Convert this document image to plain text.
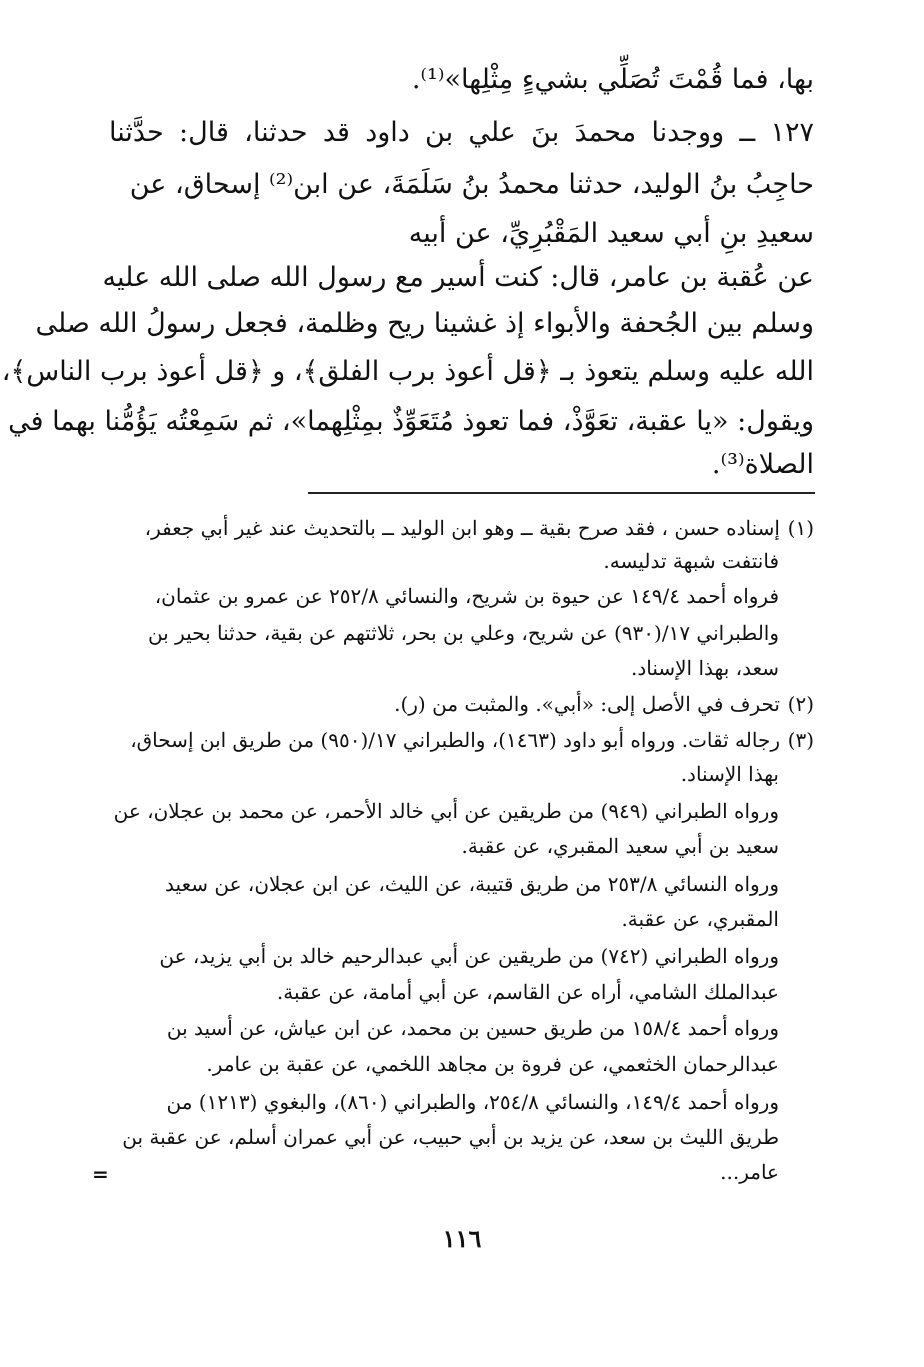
بها، فما قُمْتَ تُصَلِّي بشيءٍ مِثْلِها»⁽¹⁾.
١٢٧ ــ ووجدنا محمدَ بنَ علي بن داود قد حدثنا، قال: حدَّثنا
حاجِبُ بنُ الوليد، حدثنا محمدُ بنُ سَلَمَةَ، عن ابن⁽²⁾ إسحاق، عن
سعيدِ بنِ أبي سعيد المَقْبُرِيِّ، عن أبيه
عن عُقبة بن عامر، قال: كنت أسير مع رسول الله صلى الله عليه
وسلم بين الجُحفة والأبواء إذ غشينا ريح وظلمة، فجعل رسولُ الله صلى
الله عليه وسلم يتعوذ بـ ﴿قل أعوذ برب الفلق﴾، و ﴿قل أعوذ برب الناس﴾،
ويقول: «يا عقبة، تعَوَّذْ، فما تعوذ مُتَعَوِّذٌ بمِثْلِهما»، ثم سَمِعْتُه يَؤُمُّنا بهما في
الصلاة⁽³⁾.
(١)إسناده حسن ، فقد صرح بقية ــ وهو ابن الوليد ــ بالتحديث عند غير أبي جعفر،
فانتفت شبهة تدليسه.
فرواه أحمد ١٤٩/٤ عن حيوة بن شريح، والنسائي ٢٥٢/٨ عن عمرو بن عثمان،
والطبراني ١٧/(٩٣٠) عن شريح، وعلي بن بحر، ثلاثتهم عن بقية، حدثنا بحير بن
سعد، بهذا الإسناد.
(٢)تحرف في الأصل إلى: «أبي». والمثبت من (ر).
(٣)رجاله ثقات. ورواه أبو داود (١٤٦٣)، والطبراني ١٧/(٩٥٠) من طريق ابن إسحاق،
بهذا الإسناد.
ورواه الطبراني (٩٤٩) من طريقين عن أبي خالد الأحمر، عن محمد بن عجلان، عن
سعيد بن أبي سعيد المقبري، عن عقبة.
ورواه النسائي ٢٥٣/٨ من طريق قتيبة، عن الليث، عن ابن عجلان، عن سعيد
المقبري، عن عقبة.
ورواه الطبراني (٧٤٢) من طريقين عن أبي عبدالرحيم خالد بن أبي يزيد، عن
عبدالملك الشامي، أراه عن القاسم، عن أبي أمامة، عن عقبة.
ورواه أحمد ١٥٨/٤ من طريق حسين بن محمد، عن ابن عياش، عن أسيد بن
عبدالرحمان الخثعمي، عن فروة بن مجاهد اللخمي، عن عقبة بن عامر.
ورواه أحمد ١٤٩/٤، والنسائي ٢٥٤/٨، والطبراني (٨٦٠)، والبغوي (١٢١٣) من
طريق الليث بن سعد، عن يزيد بن أبي حبيب، عن أبي عمران أسلم، عن عقبة بن
عامر...
=
١١٦
